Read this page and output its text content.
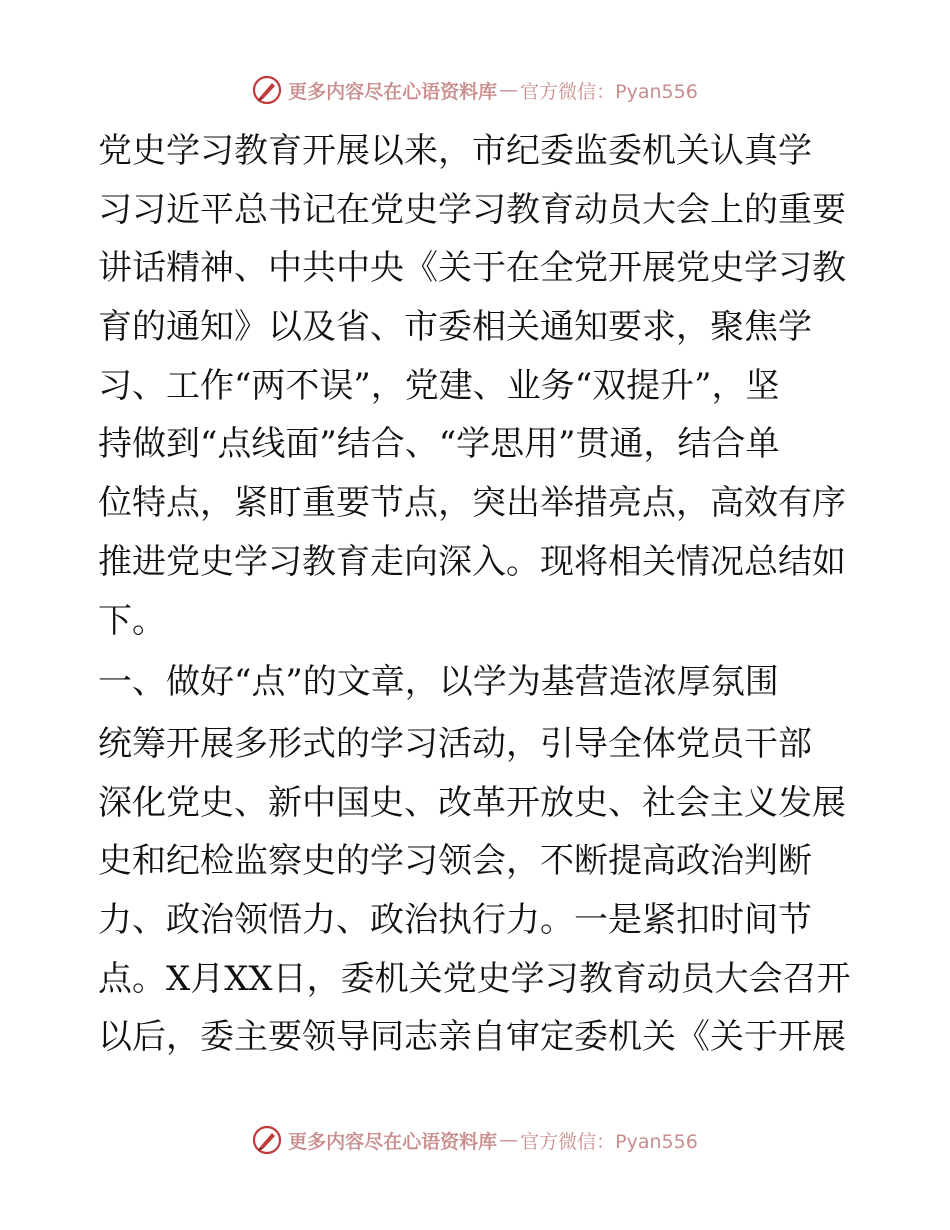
更多内容尽在心语资料库 — 官方微信：Pyan556
党史学习教育开展以来，市纪委监委机关认真学
习习近平总书记在党史学习教育动员大会上的重要
讲话精神、中共中央《关于在全党开展党史学习教
育的通知》以及省、市委相关通知要求，聚焦学
习、工作“两不误”，党建、业务“双提升”，坚
持做到“点线面”结合、“学思用”贯通，结合单
位特点，紧盯重要节点，突出举措亮点，高效有序
推进党史学习教育走向深入。现将相关情况总结如
下。
一、做好“点”的文章，以学为基营造浓厚氛围
统筹开展多形式的学习活动，引导全体党员干部
深化党史、新中国史、改革开放史、社会主义发展
史和纪检监察史的学习领会，不断提高政治判断
力、政治领悟力、政治执行力。一是紧扣时间节
点。X月XX日，委机关党史学习教育动员大会召开
以后，委主要领导同志亲自审定委机关《关于开展
更多内容尽在心语资料库 — 官方微信：Pyan556
